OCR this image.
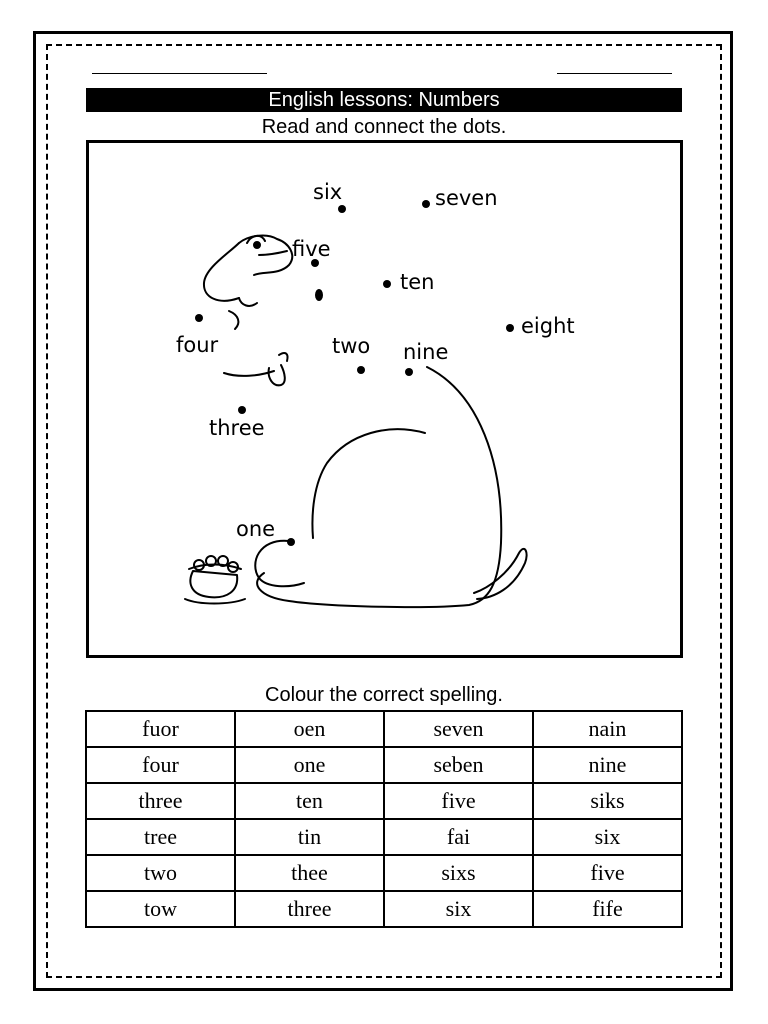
English lessons: Numbers
Read and connect the dots.
six	seven
five
ten
eight
four	two nine
three
one
Colour the correct spelling.
fuor	oen	seven	nain
four	one	seben	nine
three	ten	five	siks
tree	tin	fai	six
two	thee	sixs	five
tow	three	six	fife
